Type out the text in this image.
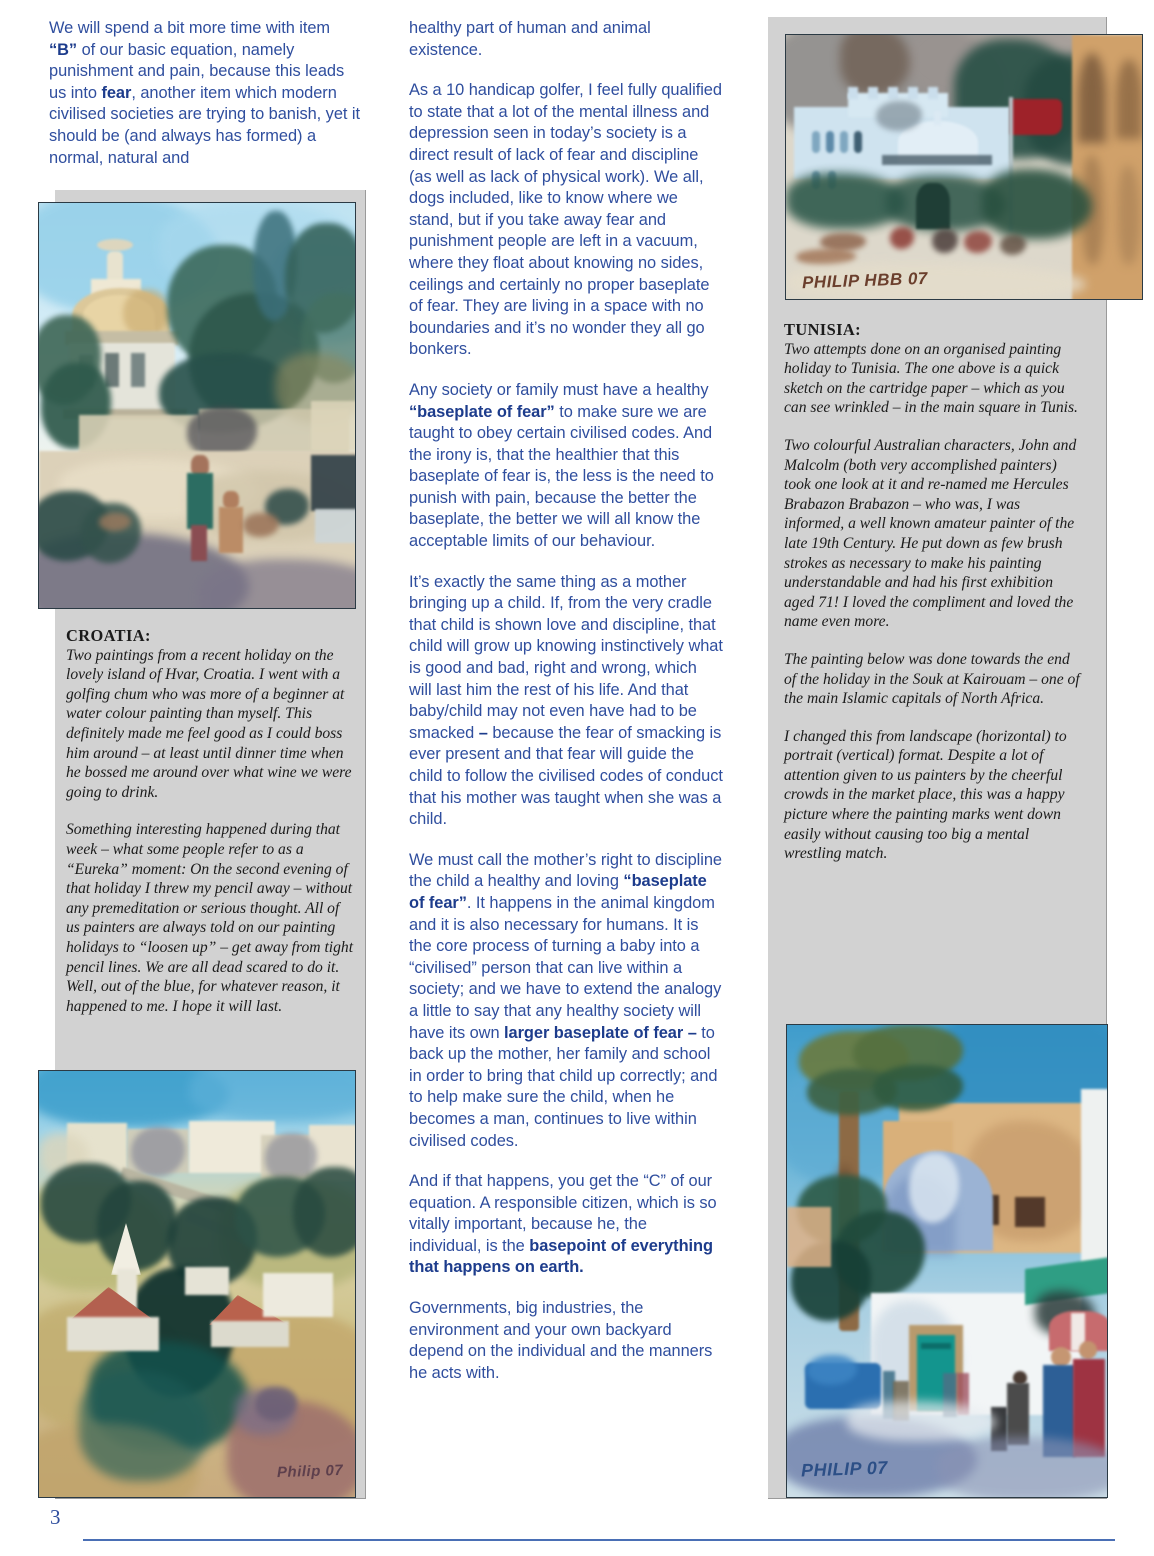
We will spend a bit more time with item “B” of our basic equation, namely punishment and pain, because this leads us into fear, another item which modern civilised societies are trying to banish, yet it should be (and always has formed) a normal, natural and

healthy part of human and animal existence.

As a 10 handicap golfer, I feel fully qualified to state that a lot of the mental illness and depression seen in today’s society is a direct result of lack of fear and discipline (as well as lack of physical work). We all, dogs included, like to know where we stand, but if you take away fear and punishment people are left in a vacuum, where they float about knowing no sides, ceilings and certainly no proper baseplate of fear. They are living in a space with no boundaries and it’s no wonder they all go bonkers.

Any society or family must have a healthy “baseplate of fear” to make sure we are taught to obey certain civilised codes. And the irony is, that the healthier that this baseplate of fear is, the less is the need to punish with pain, because the better the baseplate, the better we will all know the acceptable limits of our behaviour.

It’s exactly the same thing as a mother bringing up a child. If, from the very cradle that child is shown love and discipline, that child will grow up knowing instinctively what is good and bad, right and wrong, which will last him the rest of his life. And that baby/child may not even have had to be smacked – because the fear of smacking is ever present and that fear will guide the child to follow the civilised codes of conduct that his mother was taught when she was a child.

We must call the mother’s right to discipline the child a healthy and loving “baseplate of fear”. It happens in the animal kingdom and it is also necessary for humans. It is the core process of turning a baby into a “civilised” person that can live within a society; and we have to extend the analogy a little to say that any healthy society will have its own larger baseplate of fear – to back up the mother, her family and school in order to bring that child up correctly; and to help make sure the child, when he becomes a man, continues to live within civilised codes.

And if that happens, you get the “C” of our equation. A responsible citizen, which is so vitally important, because he, the individual, is the basepoint of everything that happens on earth.

Governments, big industries, the environment and your own backyard depend on the individual and the manners he acts with.

CROATIA:
Two paintings from a recent holiday on the lovely island of Hvar, Croatia. I went with a golfing chum who was more of a beginner at water colour painting than myself. This definitely made me feel good as I could boss him around – at least until dinner time when he bossed me around over what wine we were going to drink.

Something interesting happened during that week – what some people refer to as a “Eureka” moment: On the second evening of that holiday I threw my pencil away – without any premeditation or serious thought. All of us painters are always told on our painting holidays to “loosen up” – get away from tight pencil lines. We are all dead scared to do it. Well, out of the blue, for whatever reason, it happened to me. I hope it will last.

Philip 07
PHILIP HBB 07

TUNISIA:
Two attempts done on an organised painting holiday to Tunisia. The one above is a quick sketch on the cartridge paper – which as you can see wrinkled – in the main square in Tunis.

Two colourful Australian characters, John and Malcolm (both very accomplished painters) took one look at it and re-named me Hercules Brabazon Brabazon – who was, I was informed, a well known amateur painter of the late 19th Century. He put down as few brush strokes as necessary to make his painting understandable and had his first exhibition aged 71! I loved the compliment and loved the name even more.

The painting below was done towards the end of the holiday in the Souk at Kairouam – one of the main Islamic capitals of North Africa.

I changed this from landscape (horizontal) to portrait (vertical) format. Despite a lot of attention given to us painters by the cheerful crowds in the market place, this was a happy picture where the painting marks went down easily without causing too big a mental wrestling match.

PHILIP 07
3
